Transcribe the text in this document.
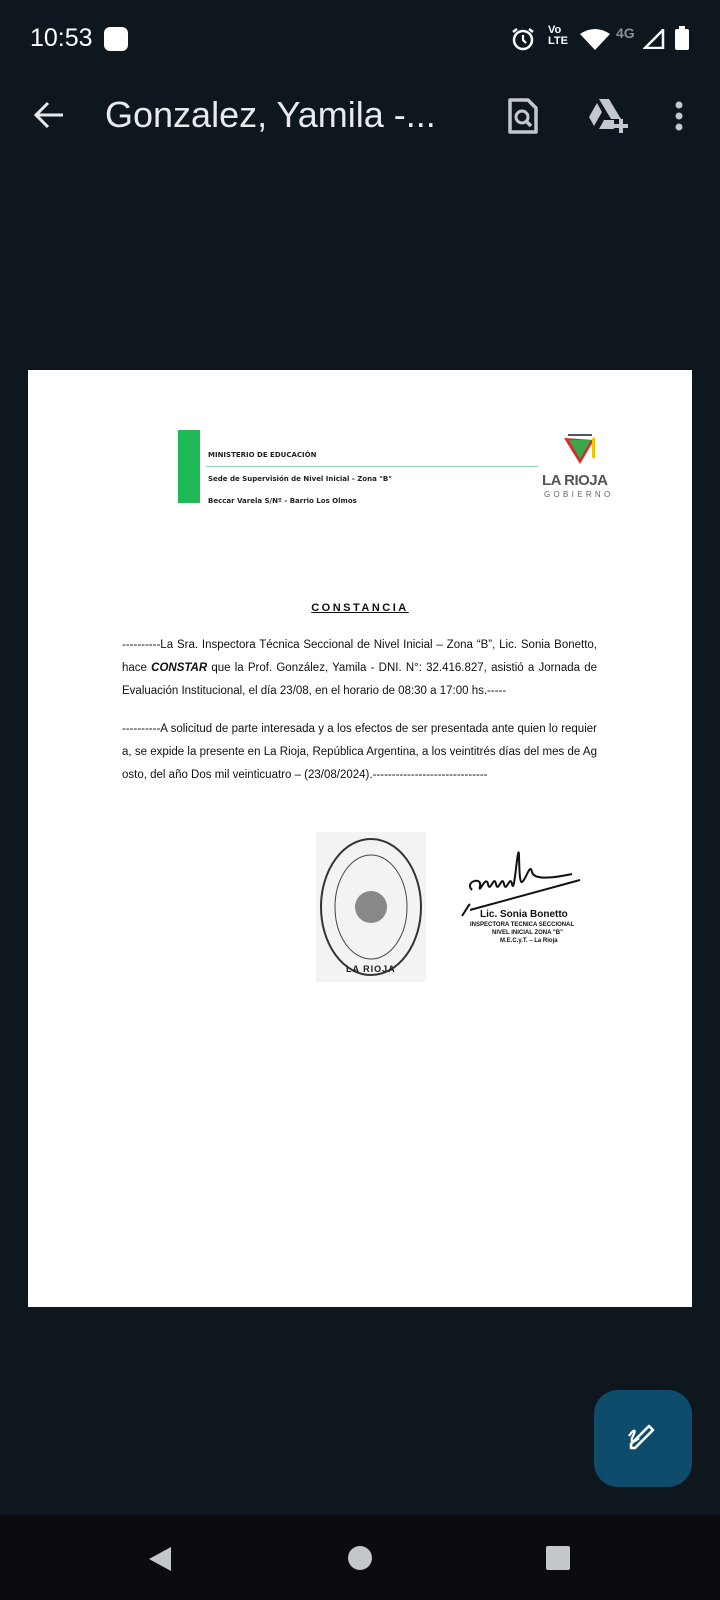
10:53	Vo LTE	4G
Gonzalez, Yamila -...
MINISTERIO DE EDUCACIÓN
Sede de Supervisión de Nivel Inicial - Zona "B"
Beccar Varela S/Nº - Barrio Los Olmos
LA RIOJA
GOBIERNO
CONSTANCIA
----------La Sra. Inspectora Técnica Seccional de Nivel Inicial – Zona “B”, Lic. Sonia Bonetto, hace CONSTAR que la Prof. González, Yamila - DNI. N°: 32.416.827, asistió a Jornada de Evaluación Institucional, el día 23/08, en el horario de 08:30 a 17:00 hs.-----
----------A solicitud de parte interesada y a los efectos de ser presentada ante quien lo requiera, se expide la presente en La Rioja, República Argentina, a los veintitrés días del mes de Agosto, del año Dos mil veinticuatro – (23/08/2024).------------------------------
LA RIOJA
Lic. Sonia Bonetto
INSPECTORA TECNICA SECCIONAL
NIVEL INICIAL ZONA "B"
M.E.C.y.T. – La Rioja
